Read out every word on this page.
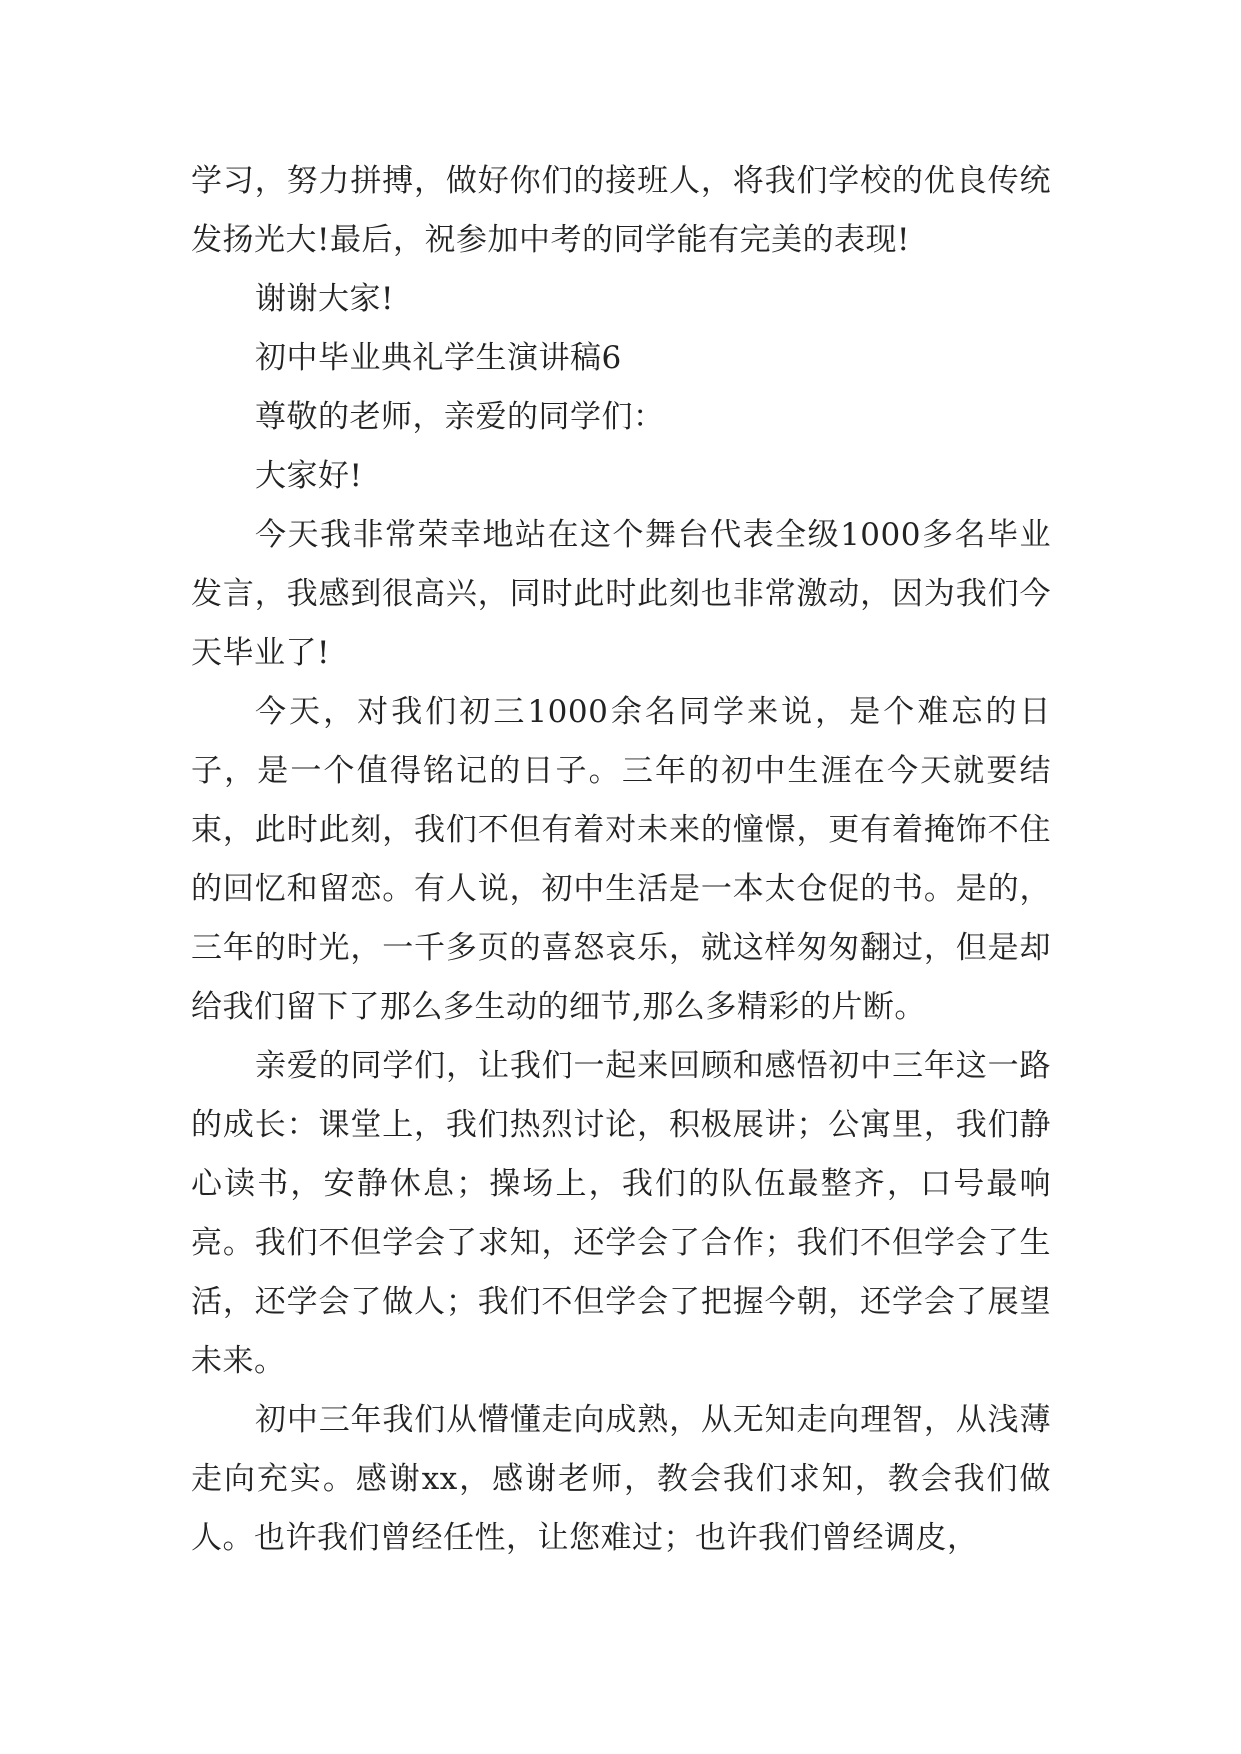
学习，努力拼搏，做好你们的接班人，将我们学校的优良传统发扬光大!最后，祝参加中考的同学能有完美的表现!

谢谢大家!

初中毕业典礼学生演讲稿6

尊敬的老师，亲爱的同学们：

大家好!

今天我非常荣幸地站在这个舞台代表全级1000多名毕业发言，我感到很高兴，同时此时此刻也非常激动，因为我们今天毕业了!

今天，对我们初三1000余名同学来说，是个难忘的日子，是一个值得铭记的日子。三年的初中生涯在今天就要结束，此时此刻，我们不但有着对未来的憧憬，更有着掩饰不住的回忆和留恋。有人说，初中生活是一本太仓促的书。是的，三年的时光，一千多页的喜怒哀乐，就这样匆匆翻过，但是却给我们留下了那么多生动的细节,那么多精彩的片断。

亲爱的同学们，让我们一起来回顾和感悟初中三年这一路的成长：课堂上，我们热烈讨论，积极展讲；公寓里，我们静心读书，安静休息；操场上，我们的队伍最整齐，口号最响亮。我们不但学会了求知，还学会了合作；我们不但学会了生活，还学会了做人；我们不但学会了把握今朝，还学会了展望未来。

初中三年我们从懵懂走向成熟，从无知走向理智，从浅薄走向充实。感谢xx，感谢老师，教会我们求知，教会我们做人。也许我们曾经任性，让您难过；也许我们曾经调皮，
